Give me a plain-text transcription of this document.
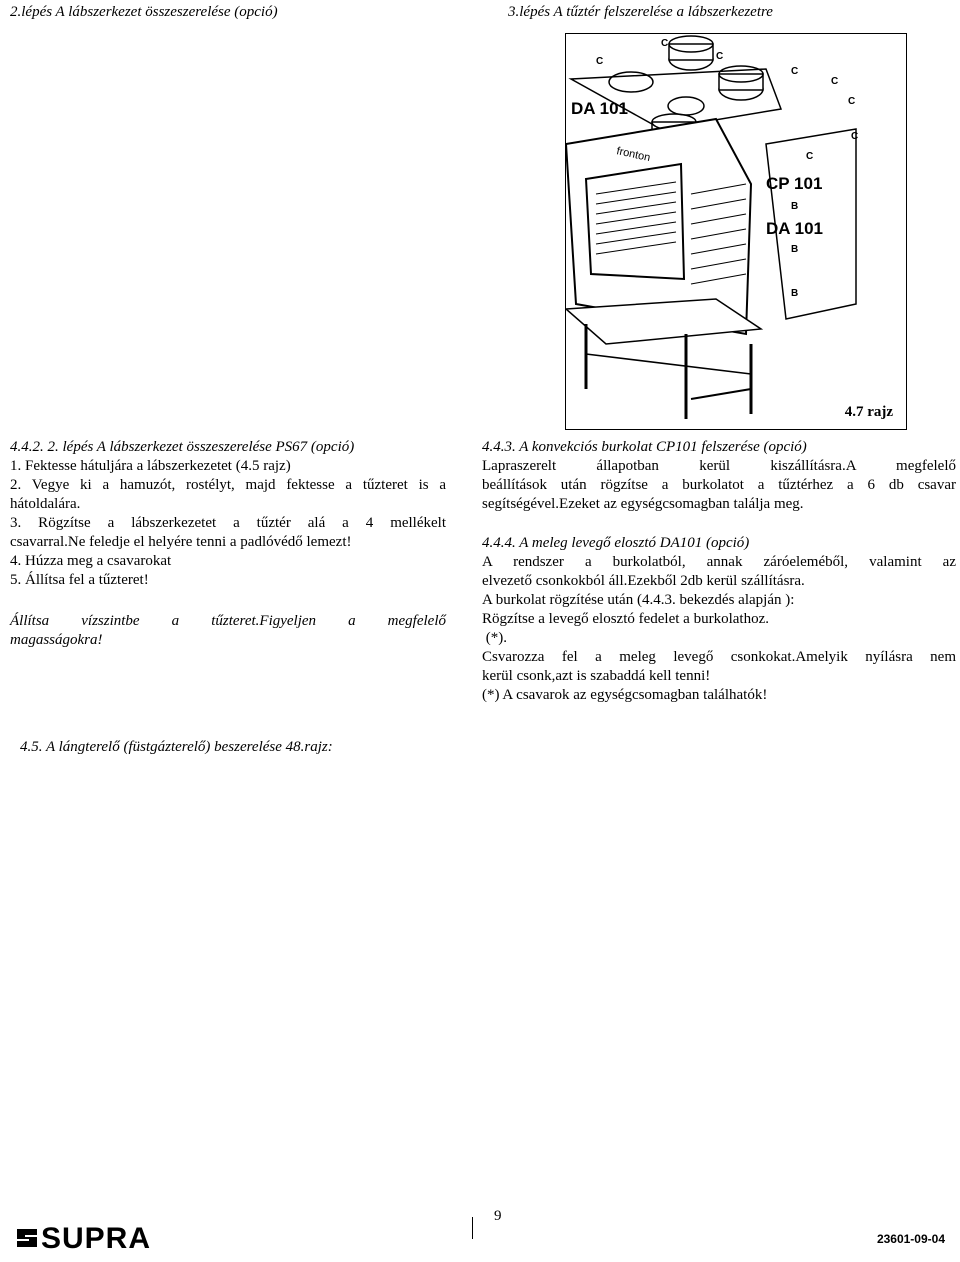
2.lépés A lábszerkezet összeszerelése (opció)	3.lépés A tűztér felszerelése a lábszerkezetre
DA 101
fronton
CP 101
DA 101
C
C
C
C
C
C
C
C
B
B
B
4.7 rajz
4.4.2. 2. lépés A lábszerkezet összeszerelése PS67 (opció)
1. Fektesse hátuljára a lábszerkezetet (4.5 rajz)
2. Vegye ki a hamuzót, rostélyt, majd fektesse a tűzteret is a
hátoldalára.
3. Rögzítse a lábszerkezetet a tűztér alá a 4 mellékelt
csavarral.Ne feledje el helyére tenni a padlóvédő lemezt!
4. Húzza meg a csavarokat
5. Állítsa fel a tűzteret!
Állítsa vízszintbe a tűzteret.Figyeljen a megfelelő
magasságokra!
4.5. A lángterelő (füstgázterelő) beszerelése 48.rajz:
4.4.3. A konvekciós burkolat CP101 felszerése (opció)
Lapraszerelt állapotban kerül kiszállításra.A megfelelő
beállítások után rögzítse a burkolatot a tűztérhez a 6 db csavar
segítségével.Ezeket az egységcsomagban találja meg.
4.4.4. A meleg levegő elosztó DA101 (opció)
A rendszer a burkolatból, annak záróeleméből, valamint az
elvezető csonkokból áll.Ezekből 2db kerül szállításra.
A burkolat rögzítése után (4.4.3. bekezdés alapján ):
Rögzítse a levegő elosztó fedelet a burkolathoz.
(*).
Csvarozza fel a meleg levegő csonkokat.Amelyik nyílásra nem
kerül csonk,azt is szabaddá kell tenni!
(*) A csavarok az egységcsomagban találhatók!
9
SUPRA	23601-09-04
